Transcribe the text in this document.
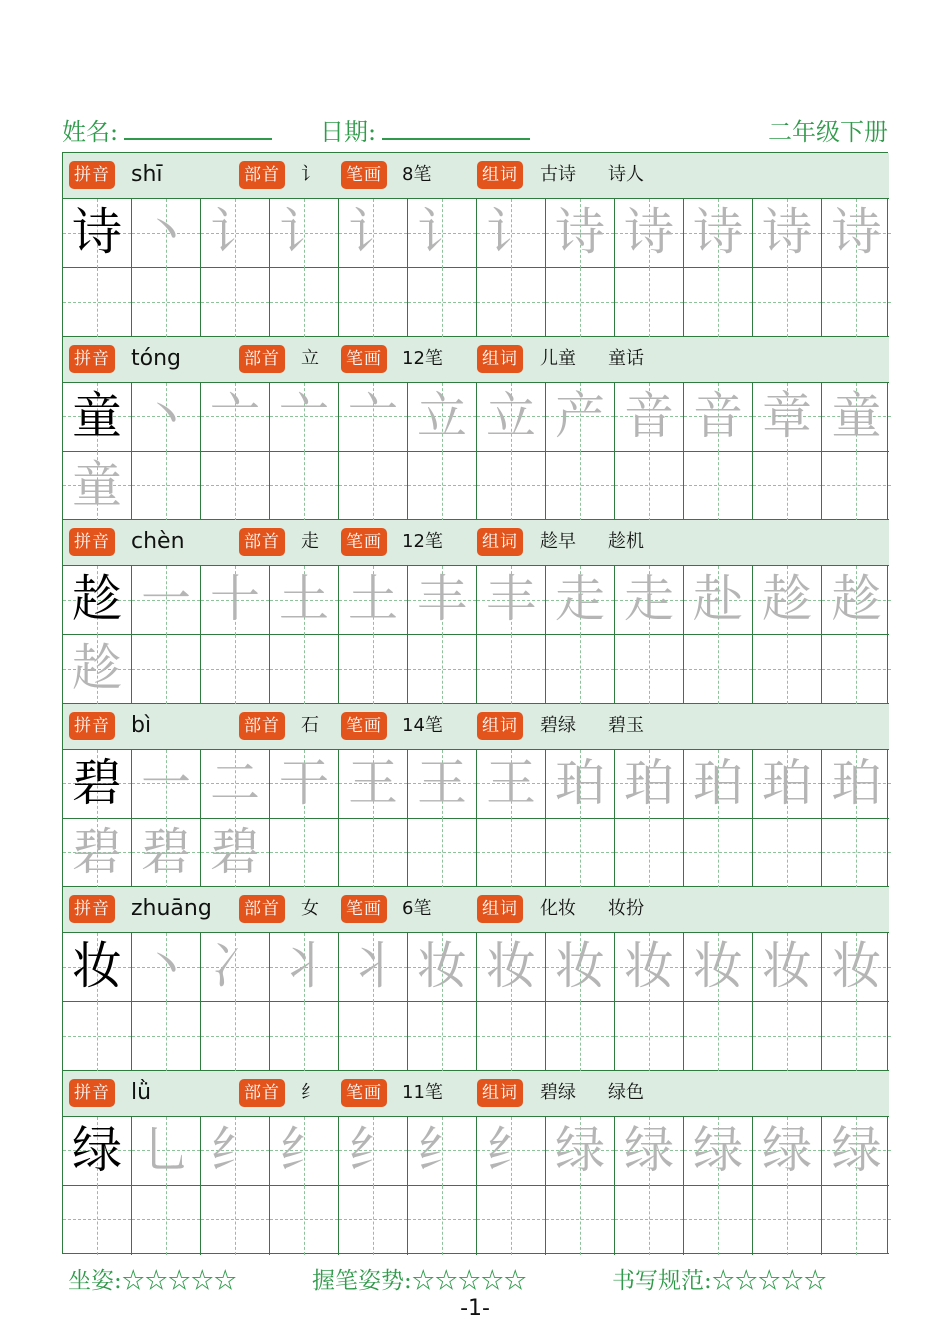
姓名:	日期:	二年级下册
拼音	部首	笔画	组词
shī	讠	8笔	古诗 诗人
诗 丶 讠 讠 讠 讠 讠 诗 诗 诗 诗 诗
拼音	部首	笔画	组词
tóng	立	12笔	儿童 童话
童 丶 亠 亠 亠 立 立 产 音 音 章 童
童
拼音	部首	笔画	组词
chèn	走	12笔	趁早 趁机
趁 一 十 土 土 丰 丰 走 走 赴 趁 趁
趁
拼音	部首	笔画	组词
bì	石	14笔	碧绿 碧玉
碧 一 二 干 王 王 王 珀 珀 珀 珀 珀
碧 碧 碧
拼音	部首	笔画	组词
zhuāng	女	6笔	化妆 妆扮
妆 丶 冫 丬 丬 妆 妆 妆 妆 妆 妆 妆
拼音	部首	笔画	组词
lǜ	纟	11笔	碧绿 绿色
绿 乚 纟 纟 纟 纟 纟 绿 绿 绿 绿 绿
坐姿:☆☆☆☆☆	握笔姿势:☆☆☆☆☆	书写规范:☆☆☆☆☆
-1-
